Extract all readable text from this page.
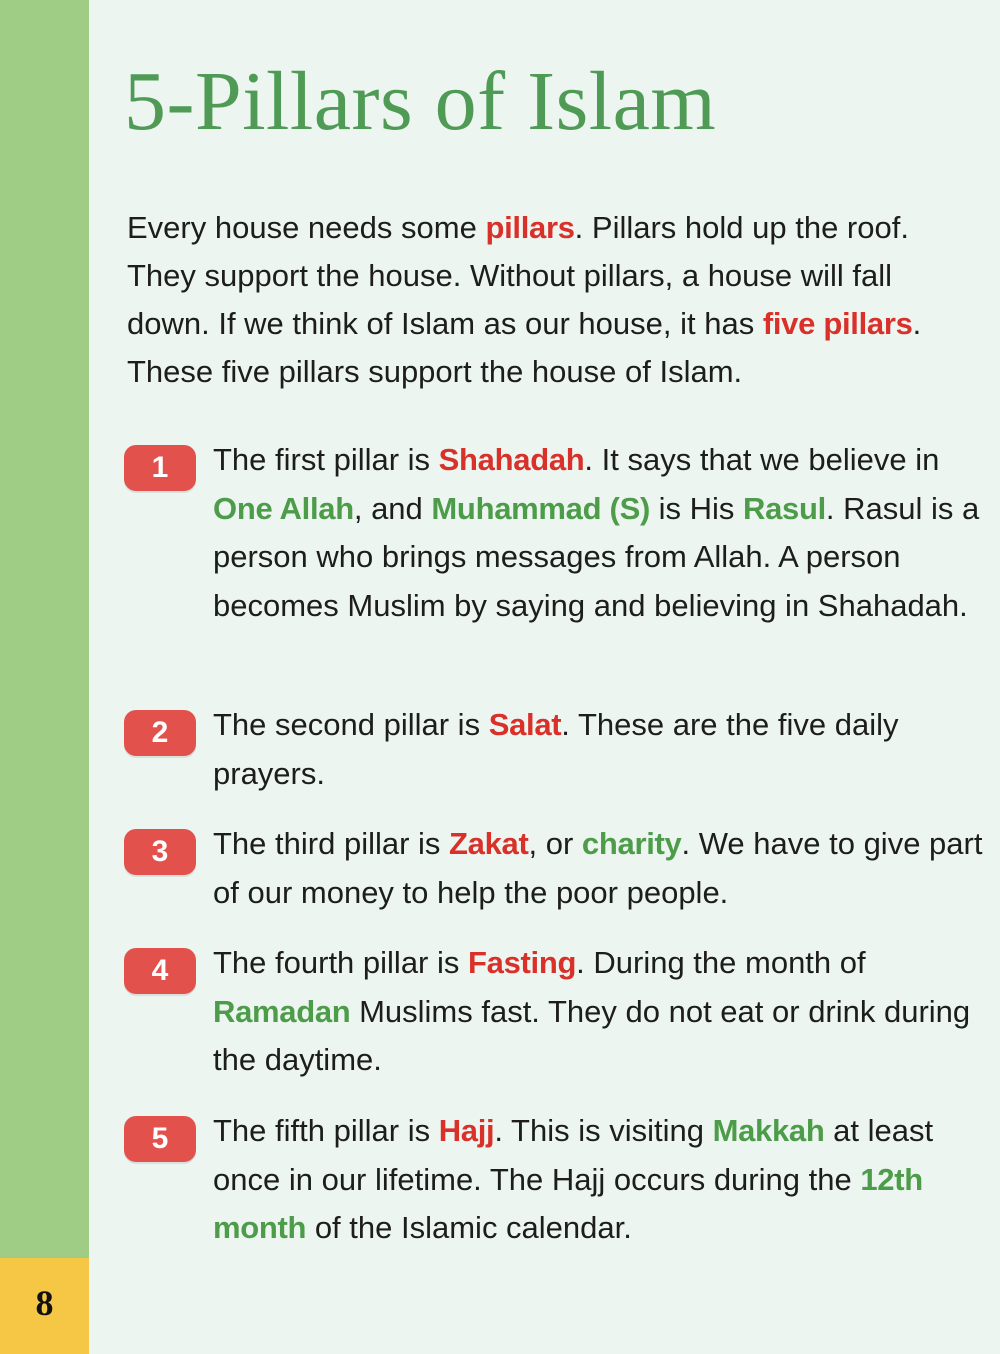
8
5-Pillars of Islam

Every house needs some pillars. Pillars hold up the roof. They support the house. Without pillars, a house will fall down. If we think of Islam as our house, it has five pillars. These five pillars support the house of Islam.

1	The first pillar is Shahadah. It says that we believe in One Allah, and Muhammad (S) is His Rasul. Rasul is a person who brings messages from Allah. A person becomes Muslim by saying and believing in Shahadah.

2	The second pillar is Salat. These are the five daily prayers.

3	The third pillar is Zakat, or charity. We have to give part of our money to help the poor people.

4	The fourth pillar is Fasting. During the month of Ramadan Muslims fast. They do not eat or drink during the daytime.

5	The fifth pillar is Hajj. This is visiting Makkah at least once in our lifetime. The Hajj occurs during the 12th month of the Islamic calendar.
